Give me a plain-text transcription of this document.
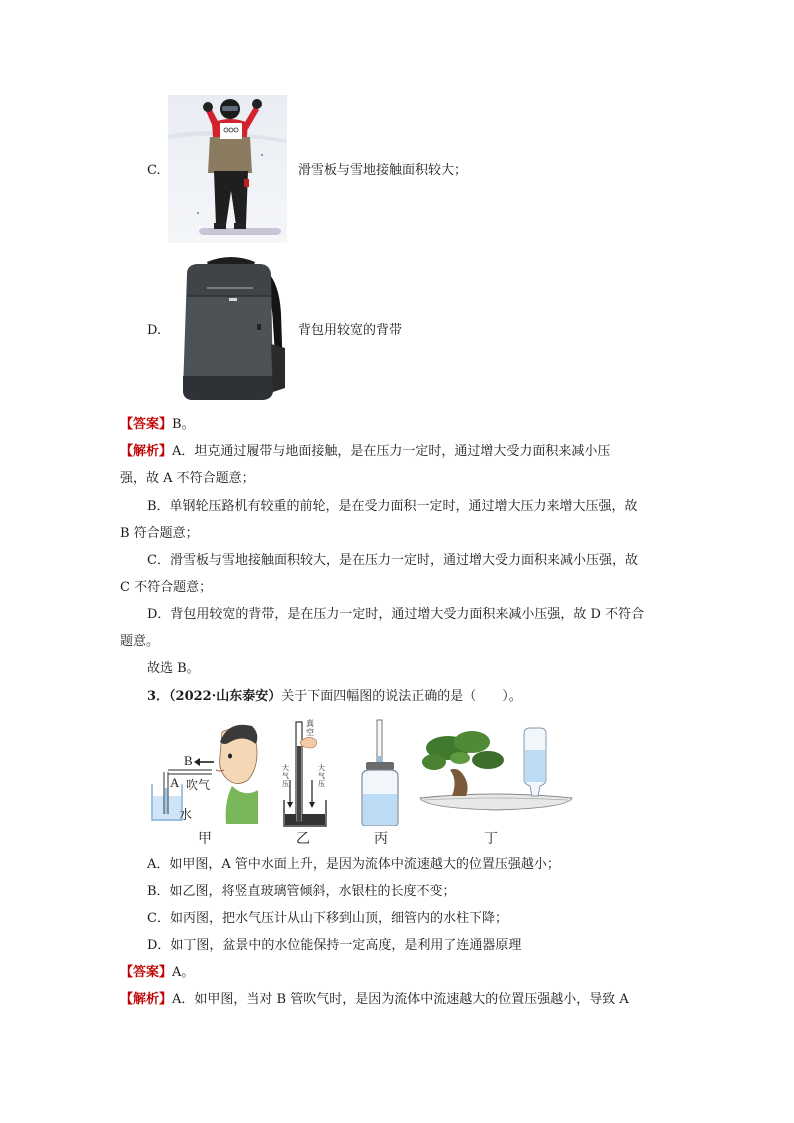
C.	滑雪板与雪地接触面积较大；
D.	背包用较宽的背带
【答案】B。
【解析】A．坦克通过履带与地面接触，是在压力一定时，通过增大受力面积来减小压
强，故 A 不符合题意；
B．单钢轮压路机有较重的前轮，是在受力面积一定时，通过增大压力来增大压强，故
B 符合题意；
C．滑雪板与雪地接触面积较大，是在压力一定时，通过增大受力面积来减小压强，故
C 不符合题意；
D．背包用较宽的背带，是在压力一定时，通过增大受力面积来减小压强，故 D 不符合
题意。
故选 B。
3．（2022·山东泰安）关于下面四幅图的说法正确的是（　　）。
B
A 吹气
水
真空
大气压
大气压
甲	乙	丙	丁
A．如甲图，A 管中水面上升，是因为流体中流速越大的位置压强越小；
B．如乙图，将竖直玻璃管倾斜，水银柱的长度不变；
C．如丙图，把水气压计从山下移到山顶，细管内的水柱下降；
D．如丁图，盆景中的水位能保持一定高度，是利用了连通器原理
【答案】A。
【解析】A．如甲图，当对 B 管吹气时，是因为流体中流速越大的位置压强越小，导致 A
